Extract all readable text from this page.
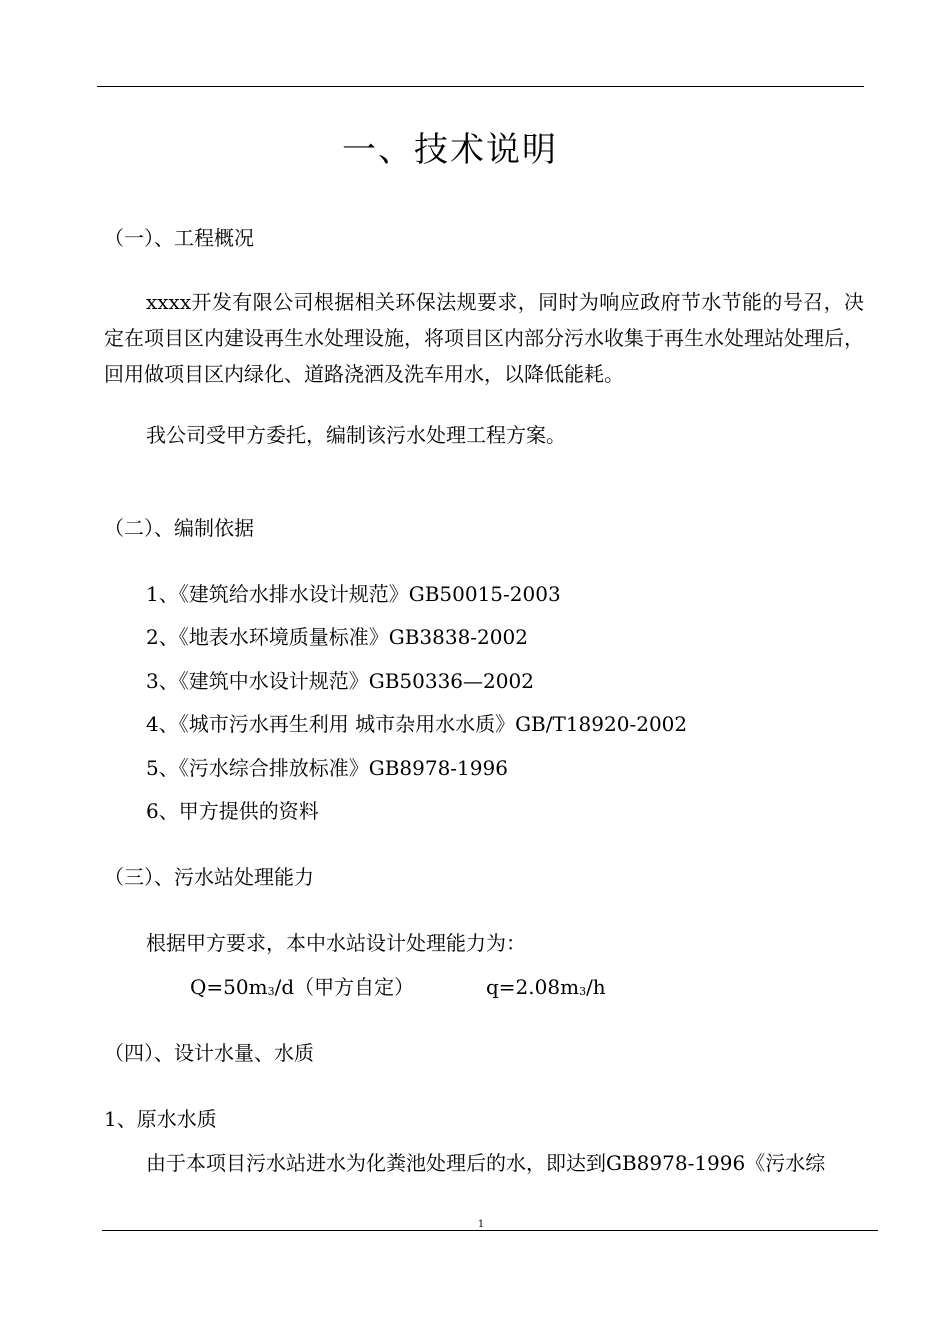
一、技术说明
（一）、工程概况
xxxx开发有限公司根据相关环保法规要求，同时为响应政府节水节能的号召，决定在项目区内建设再生水处理设施，将项目区内部分污水收集于再生水处理站处理后，回用做项目区内绿化、道路浇洒及洗车用水，以降低能耗。
我公司受甲方委托，编制该污水处理工程方案。
（二）、编制依据
1、《建筑给水排水设计规范》GB50015-2003
2、《地表水环境质量标准》GB3838-2002
3、《建筑中水设计规范》GB50336—2002
4、《城市污水再生利用 城市杂用水水质》GB/T18920-2002
5、《污水综合排放标准》GB8978-1996
6、甲方提供的资料
（三）、污水站处理能力
根据甲方要求，本中水站设计处理能力为：
Q=50m3/d（甲方自定）	q=2.08m3/h
（四）、设计水量、水质
1、原水水质
由于本项目污水站进水为化粪池处理后的水，即达到GB8978-1996《污水综
1
